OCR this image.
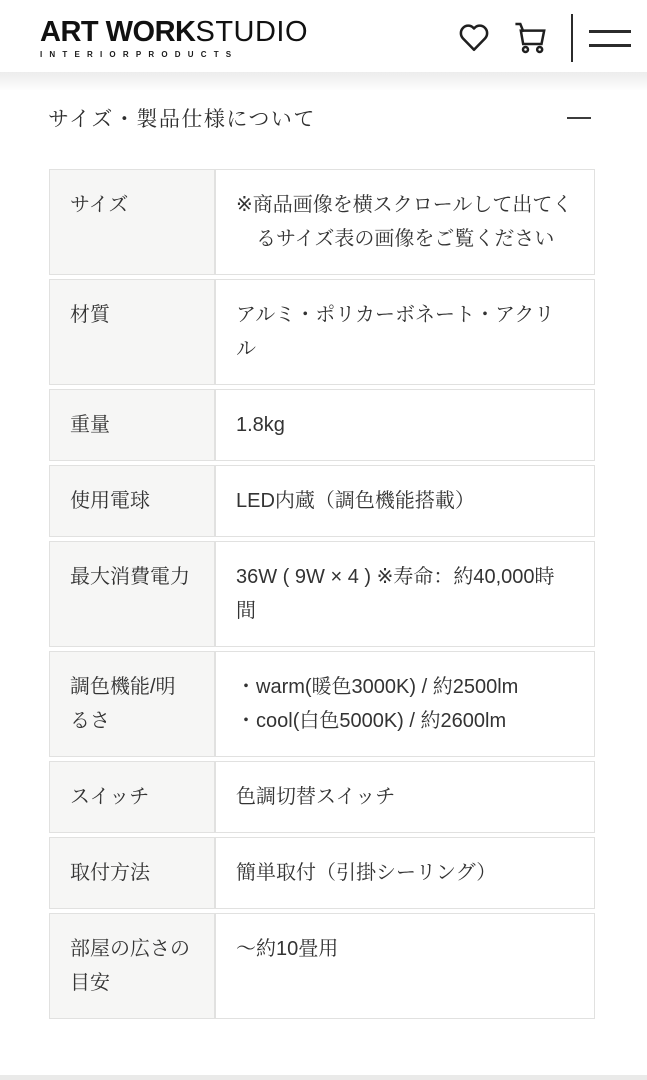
ART WORKSTUDIO
INTERIORPRODUCTS
サイズ・製品仕様について
サイズ	※商品画像を横スクロールして出てくるサイズ表の画像をご覧ください

材質	アルミ・ポリカーボネート・アクリル

重量	1.8kg

使用電球	LED内蔵（調色機能搭載）

最大消費電力	36W ( 9W × 4 ) ※寿命：約40,000時間

調色機能/明るさ	・warm(暖色3000K) / 約2500lm
・cool(白色5000K) / 約2600lm

スイッチ	色調切替スイッチ

取付方法	簡単取付（引掛シーリング）

部屋の広さの目安	～約10畳用
